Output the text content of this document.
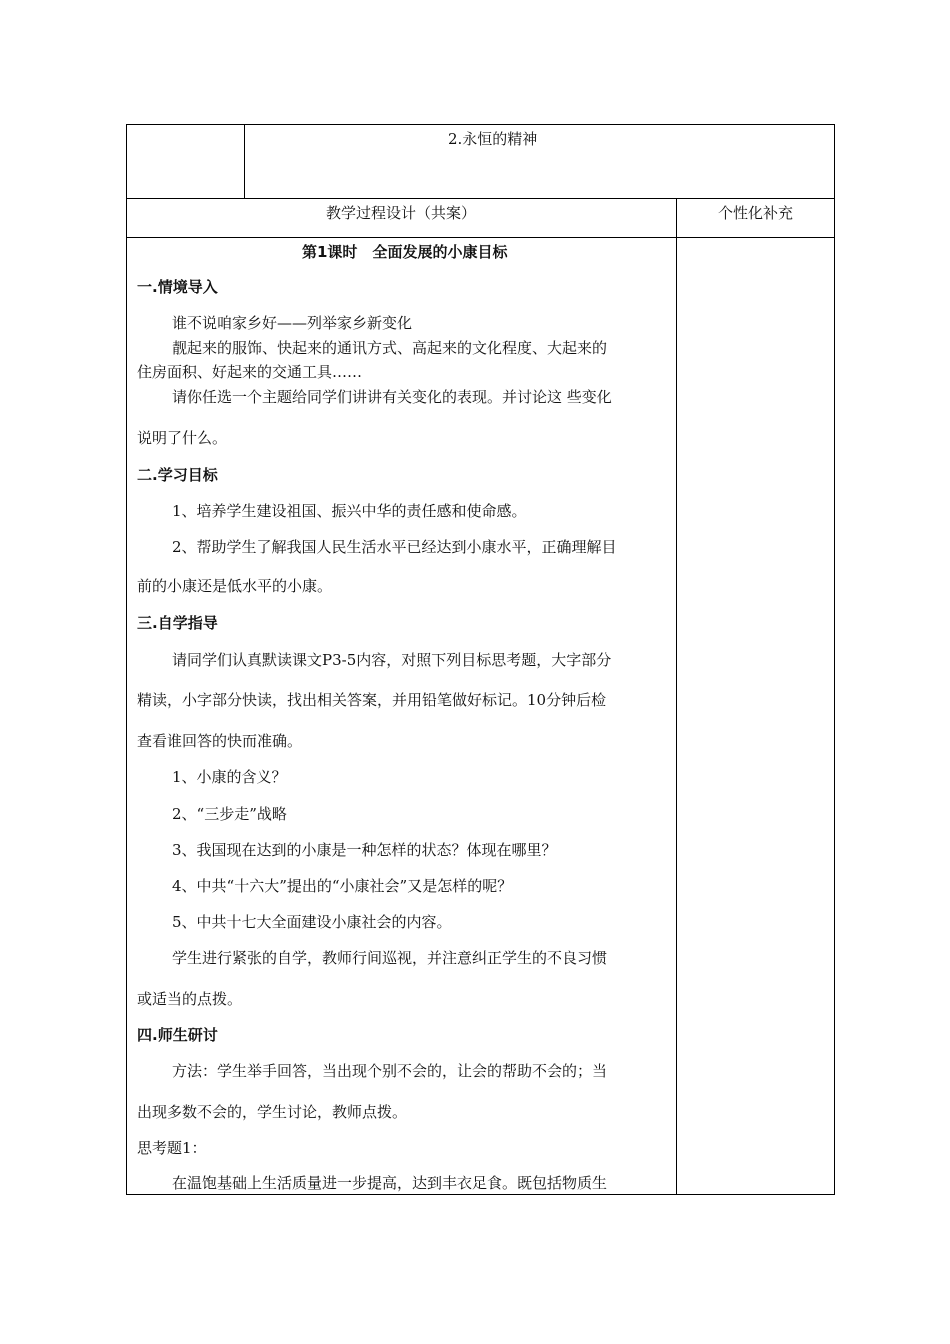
2.永恒的精神
教学过程设计（共案）	个性化补充
第1课时　全面发展的小康目标
一.情境导入
谁不说咱家乡好——列举家乡新变化
靓起来的服饰、快起来的通讯方式、高起来的文化程度、大起来的
住房面积、好起来的交通工具……
请你任选一个主题给同学们讲讲有关变化的表现。并讨论这 些变化
说明了什么。
二.学习目标
1、培养学生建设祖国、振兴中华的责任感和使命感。
2、帮助学生了解我国人民生活水平已经达到小康水平，正确理解目
前的小康还是低水平的小康。
三.自学指导
请同学们认真默读课文P3-5内容，对照下列目标思考题，大字部分
精读，小字部分快读，找出相关答案，并用铅笔做好标记。10分钟后检
查看谁回答的快而准确。
1、小康的含义？
2、“三步走”战略
3、我国现在达到的小康是一种怎样的状态？体现在哪里？
4、中共“十六大”提出的“小康社会”又是怎样的呢？
5、中共十七大全面建设小康社会的内容。
学生进行紧张的自学，教师行间巡视，并注意纠正学生的不良习惯
或适当的点拨。
四.师生研讨
方法：学生举手回答，当出现个别不会的，让会的帮助不会的；当
出现多数不会的，学生讨论，教师点拨。
思考题1：
在温饱基础上生活质量进一步提高，达到丰衣足食。既包括物质生
